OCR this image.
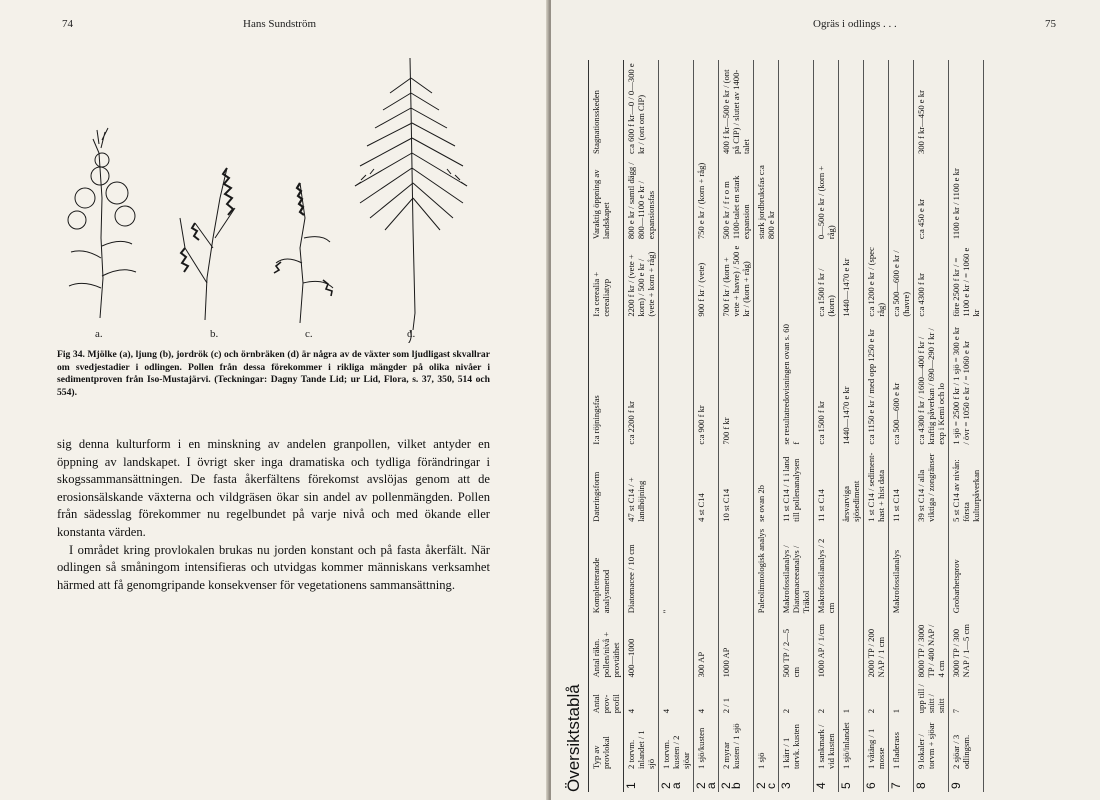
74	Hans Sundström
a.	b.	c.	d.
Fig 34. Mjölke (a), ljung (b), jordrök (c) och örnbräken (d) är några av de växter som ljudligast skvallrar om svedjestadier i odlingen. Pollen från dessa förekommer i rikliga mängder på olika nivåer i sedimentproven från Iso-Mustajärvi. (Teckningar: Dagny Tande Lid; ur Lid, Flora, s. 37, 350, 514 och 554).

sig denna kulturform i en minskning av andelen granpollen, vilket antyder en öppning av landskapet. I övrigt sker inga dramatiska och tydliga förändringar i skogssammansättningen. De fasta åkerfältens förekomst avslöjas genom att de erosionsälskande växterna och vildgräsen ökar sin andel av pollenmängden. Pollen från sädesslag förekommer nu regelbundet på varje nivå och med ökande eller konstanta värden.

I området kring provlokalen brukas nu jorden konstant och på fasta åkerfält. När odlingen så småningom intensifieras och utvidgas kommer människans verksamhet härmed att få genomgripande konsekvenser för vegetationens sammansättning.

Ogräs i odlings . . .	75
Översiktstablå
	Typ av provlokal	Antal prov-profil	Antal räkn. pollen/nivå + provtäthet	Kompletterande analysmetod	Dateringsform	I:a röjningsfas	I:a cerealia + cerealiatyp	Varaktig öppning av landskapet	Stagnationsskeden
1	2 torvm. inlandet / 1 sjö	4	400—1000	Diatomacee / 10 cm	47 st C14 / + landhöjning	c:a 2200 f kr	2200 f kr / (vete + korn) / 500 e kr / (vete + korn + råg)	800 e kr / samtl dägg / 800—1100 e kr / expansionsfas	c:a 600 f kr—0 / 0—300 e kr / (ont om CIP)
2 a	1 torvm. kusten / 2 sjöar	4		"					
2 a	1 sjö/kusten	4	300 AP		4 st C14	c:a 900 f kr	900 f kr / (vete)	750 e kr / (korn + råg)	
2 b	2 myrar kusten / 1 sjö	2 / 1	1000 AP		10 st C14	700 f kr	700 f kr / (korn + vete + havre) / 500 e kr / (korn + råg)	500 e kr / f r o m 1100-talet en stark expansion	400 f kr—500 e kr / (ont på CIP) / slutet av 1400-talet
2 c	1 sjö			Paleolimnologisk analys	se ovan 2b			stark jordbruksfas c:a 800 e kr	
3	1 kärr / 1 torvk. kusten	2	500 TP / 2—5 cm	Makrofossilanalys / Diatomaceeanalys / Träkol	11 st C14 / 1 i land till pollenanalysen	se resultatredovisningen ovan s. 60 f			
4	1 sankmark / vid kusten	2	1000 AP / 1/cm	Makrofossilanalys / 2 cm	11 st C14	c:a 1500 f kr	c:a 1500 f kr / (korn)	0—500 e kr / (korn + råg)	
5	1 sjö/inlandet	1			årsvarviga sjösediment	1440—1470 e kr	1440—1470 e kr		
6	1 våtäng / 1 mosse	2	2000 TP / 200 NAP / 1 cm		1 st C14 / sediment-hast + hist data	c:a 1150 e kr / med opp 1250 e kr	c:a 1200 e kr / (spec råg)		
7	1 fladerass	1		Makrofossilanalys	11 st C14	c:a 500—600 e kr	c:a 500—600 e kr / (havre)		
8	9 lokaler / torvm + sjöar	upp till / snitt / snitt	8000 TP / 3000 TP / 400 NAP / 4 cm		39 st C14 / alla viktiga / zongränser	c:a 4300 f kr / 1600—400 f kr / kraftig påverkan / 690—290 f kr / exp i Kemi och lo	c:a 4300 f kr	c:a 450 e kr	300 f kr—450 e kr
9	2 sjöar / 3 odlingsm.	7	3000 TP / 300 NAP / 1—5 cm	Grobarhetsprov	5 st C14 av nivån: första kulturpåverkan	1 sjö = 2500 f kr / 1 sjö = 300 e kr / övr = 1050 e kr / = 1060 e kr	före 2500 f kr / = 1100 e kr / = 1060 e kr	1100 e kr / 1100 e kr	
